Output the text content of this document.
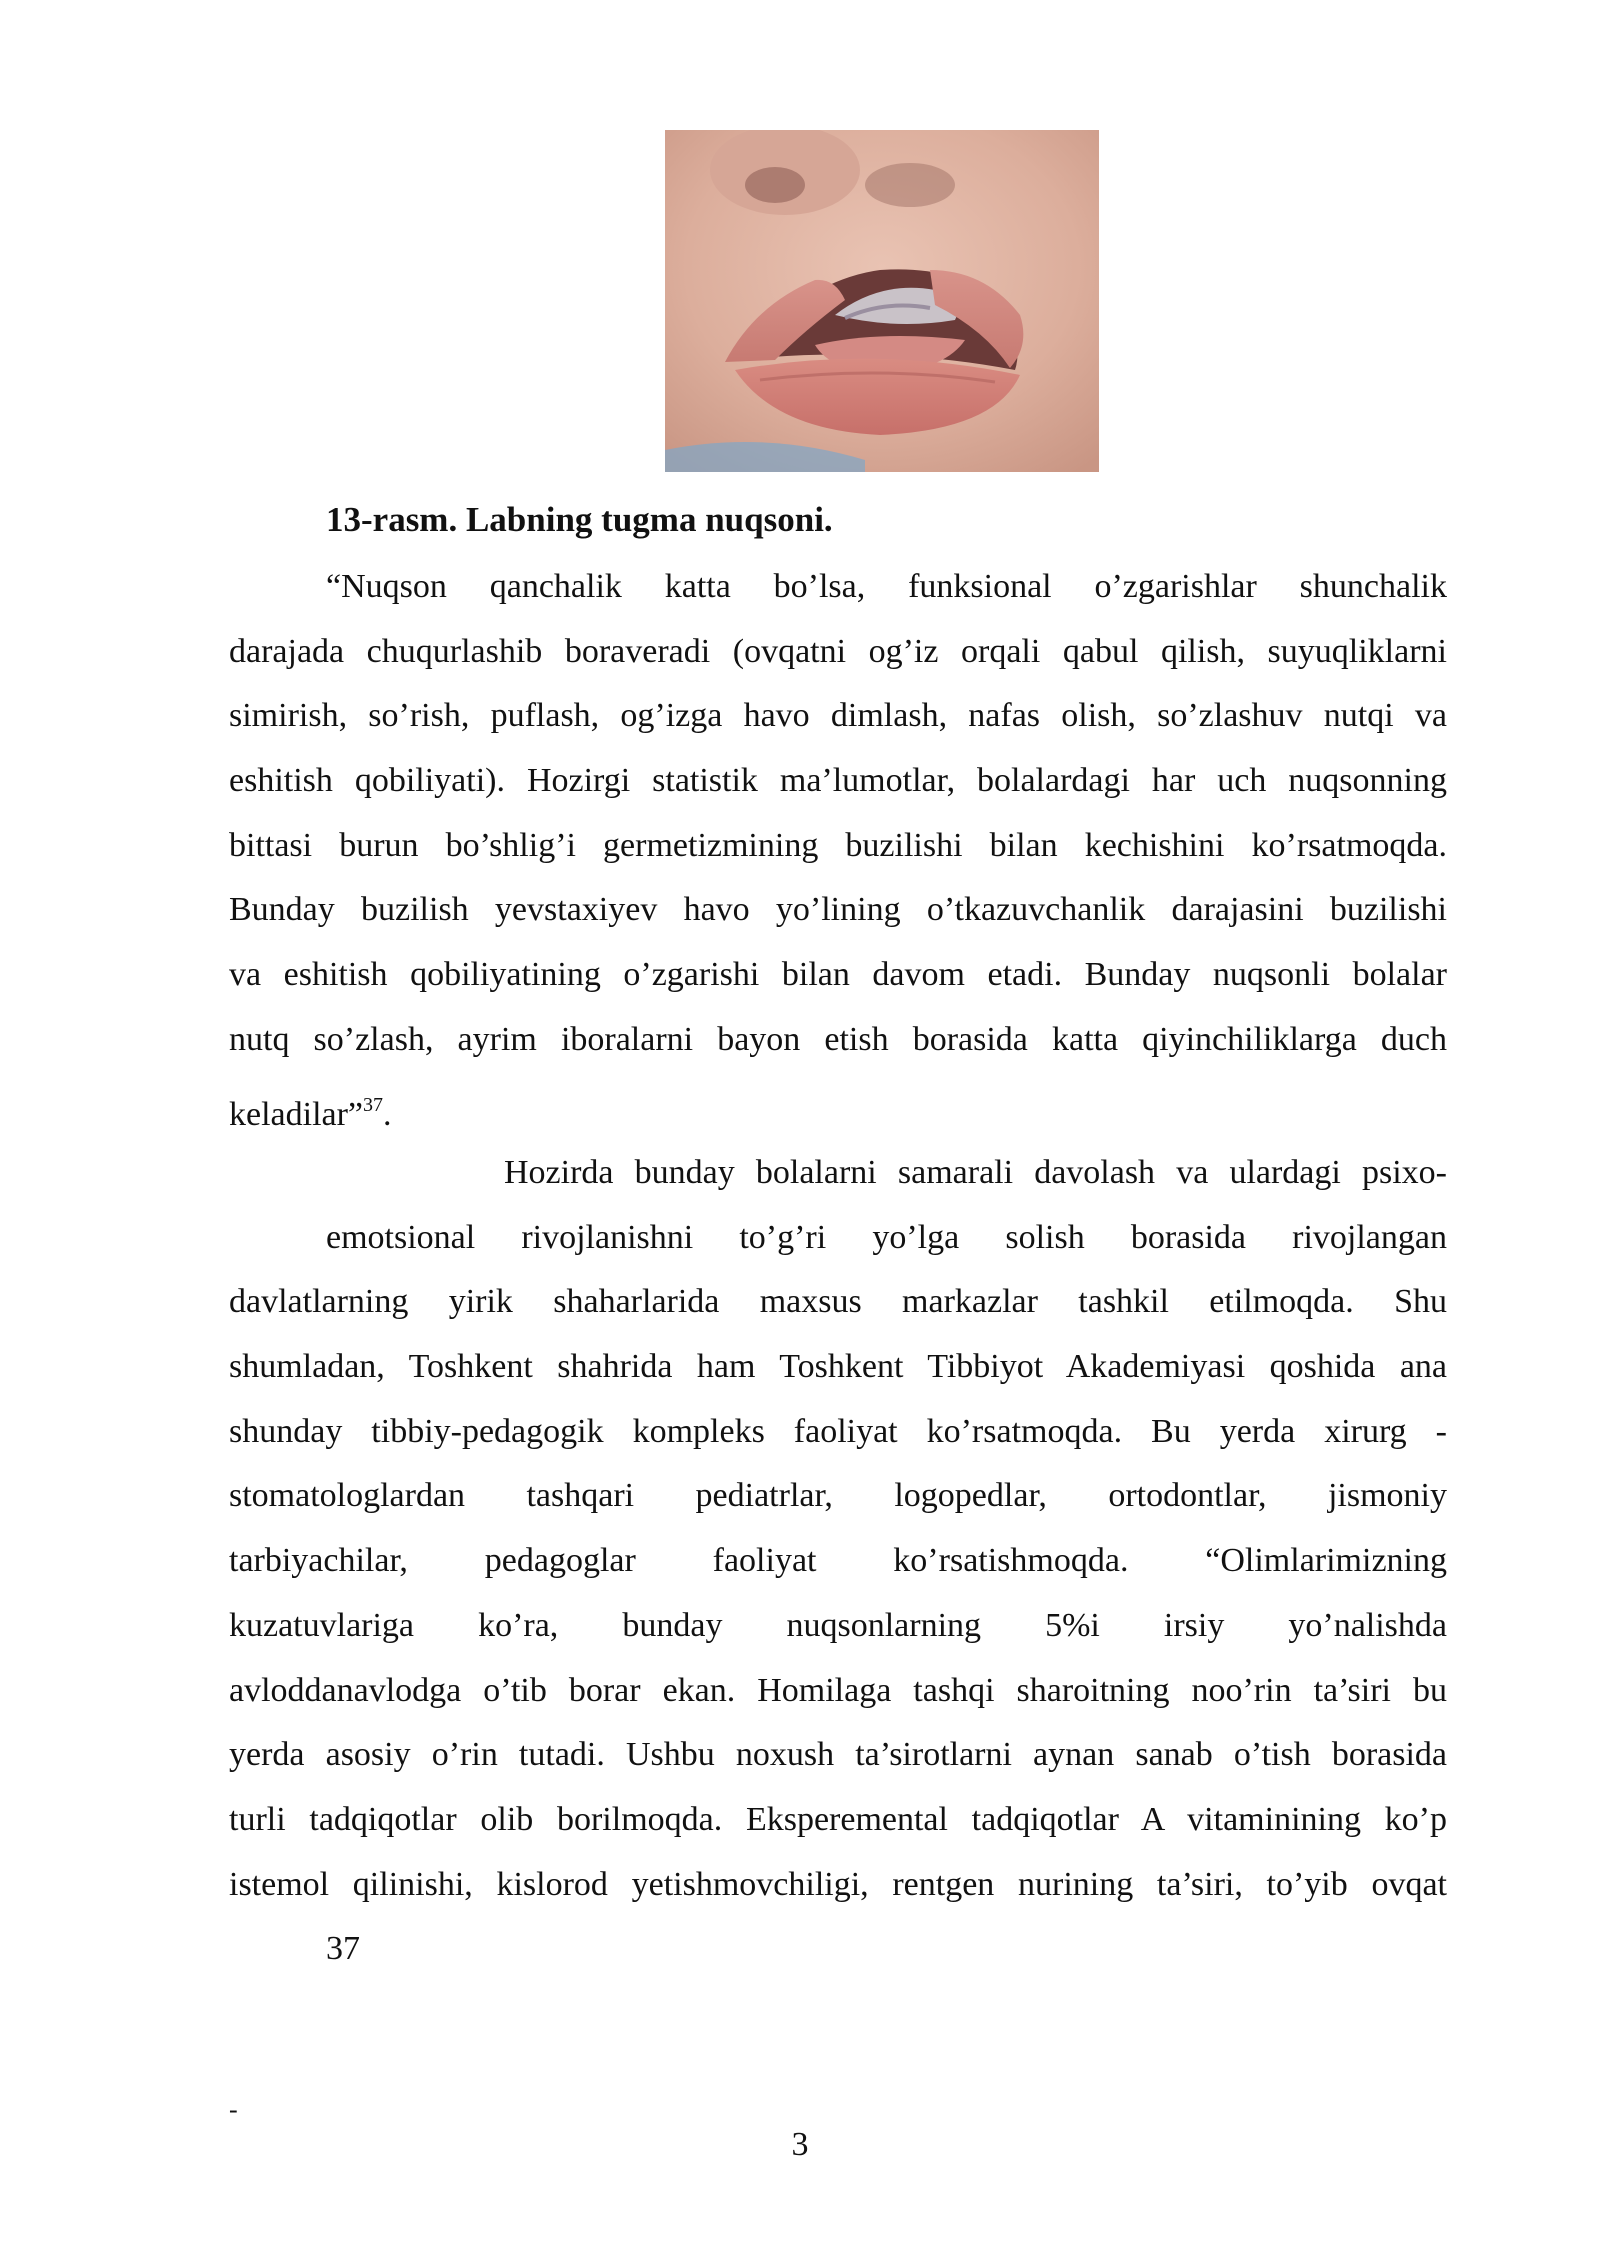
13-rasm. Labning tugma nuqsoni.
“Nuqson qanchalik katta bo’lsa, funksional o’zgarishlar shunchalik
darajada chuqurlashib boraveradi (ovqatni og’iz orqali qabul qilish, suyuqliklarni
simirish, so’rish, puflash, og’izga havo dimlash, nafas olish, so’zlashuv nutqi va
eshitish qobiliyati). Hozirgi statistik ma’lumotlar, bolalardagi har uch nuqsonning
bittasi burun bo’shlig’i germetizmining buzilishi bilan kechishini ko’rsatmoqda.
Bunday buzilish yevstaxiyev havo yo’lining o’tkazuvchanlik darajasini buzilishi
va eshitish qobiliyatining o’zgarishi bilan davom etadi. Bunday nuqsonli bolalar
nutq so’zlash, ayrim iboralarni bayon etish borasida katta qiyinchiliklarga duch
keladilar”$^{37}$.
Hozirda bunday bolalarni samarali davolash va ulardagi psixo-
emotsional rivojlanishni to’g’ri yo’lga solish borasida rivojlangan
davlatlarning yirik shaharlarida maxsus markazlar tashkil etilmoqda. Shu
shumladan, Toshkent shahrida ham Toshkent Tibbiyot Akademiyasi qoshida ana
shunday tibbiy-pedagogik kompleks faoliyat ko’rsatmoqda. Bu yerda xirurg -
stomatologlardan tashqari pediatrlar, logopedlar, ortodontlar, jismoniy
tarbiyachilar, pedagoglar faoliyat ko’rsatishmoqda. “Olimlarimizning
kuzatuvlariga ko’ra, bunday nuqsonlarning 5%i irsiy yo’nalishda
avloddanavlodga o’tib borar ekan. Homilaga tashqi sharoitning noo’rin ta’siri bu
yerda asosiy o’rin tutadi. Ushbu noxush ta’sirotlarni aynan sanab o’tish borasida
turli tadqiqotlar olib borilmoqda. Eksperemental tadqiqotlar A vitaminining ko’p
istemol qilinishi, kislorod yetishmovchiligi, rentgen nurining ta’siri, to’yib ovqat
37
-
3
